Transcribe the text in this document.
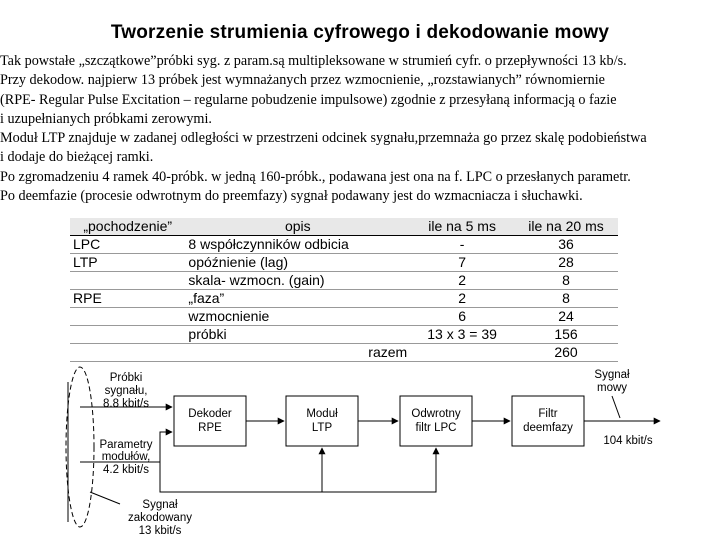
Tworzenie strumienia cyfrowego i dekodowanie mowy
Tak powstałe „szczątkowe”próbki syg. z param.są multipleksowane w strumień cyfr. o przepływności 13 kb/s.
Przy dekodow. najpierw 13 próbek jest wymnażanych przez wzmocnienie, „rozstawianych” równomiernie
(RPE- Regular Pulse Excitation – regularne pobudzenie impulsowe) zgodnie z przesyłaną informacją o fazie
i uzupełnianych próbkami zerowymi.
Moduł LTP znajduje w zadanej odległości w przestrzeni odcinek sygnału,przemnaża go przez skalę podobieństwa
i dodaje do bieżącej ramki.
Po zgromadzeniu 4 ramek 40-próbk. w jedną 160-próbk., podawana jest ona na f. LPC o przesłanych parametr.
Po deemfazie (procesie odwrotnym do preemfazy) sygnał podawany jest do wzmacniacza i słuchawki.
„pochodzenie”	opis	ile na 5 ms	ile na 20 ms
LPC	8 współczynników odbicia	-	36
LTP	opóźnienie (lag)	7	28
	skala- wzmocn. (gain)	2	8
RPE	„faza”	2	8
	wzmocnienie	6	24
	próbki	13 x 3 = 39	156
	razem		260
Próbki
sygnału,
8.8 kbit/s
Parametry
modułów,
4.2 kbit/s
Sygnał
zakodowany
13 kbit/s
Dekoder
RPE
Moduł
LTP
Odwrotny
filtr LPC
Filtr
deemfazy
Sygnał
mowy
104 kbit/s
